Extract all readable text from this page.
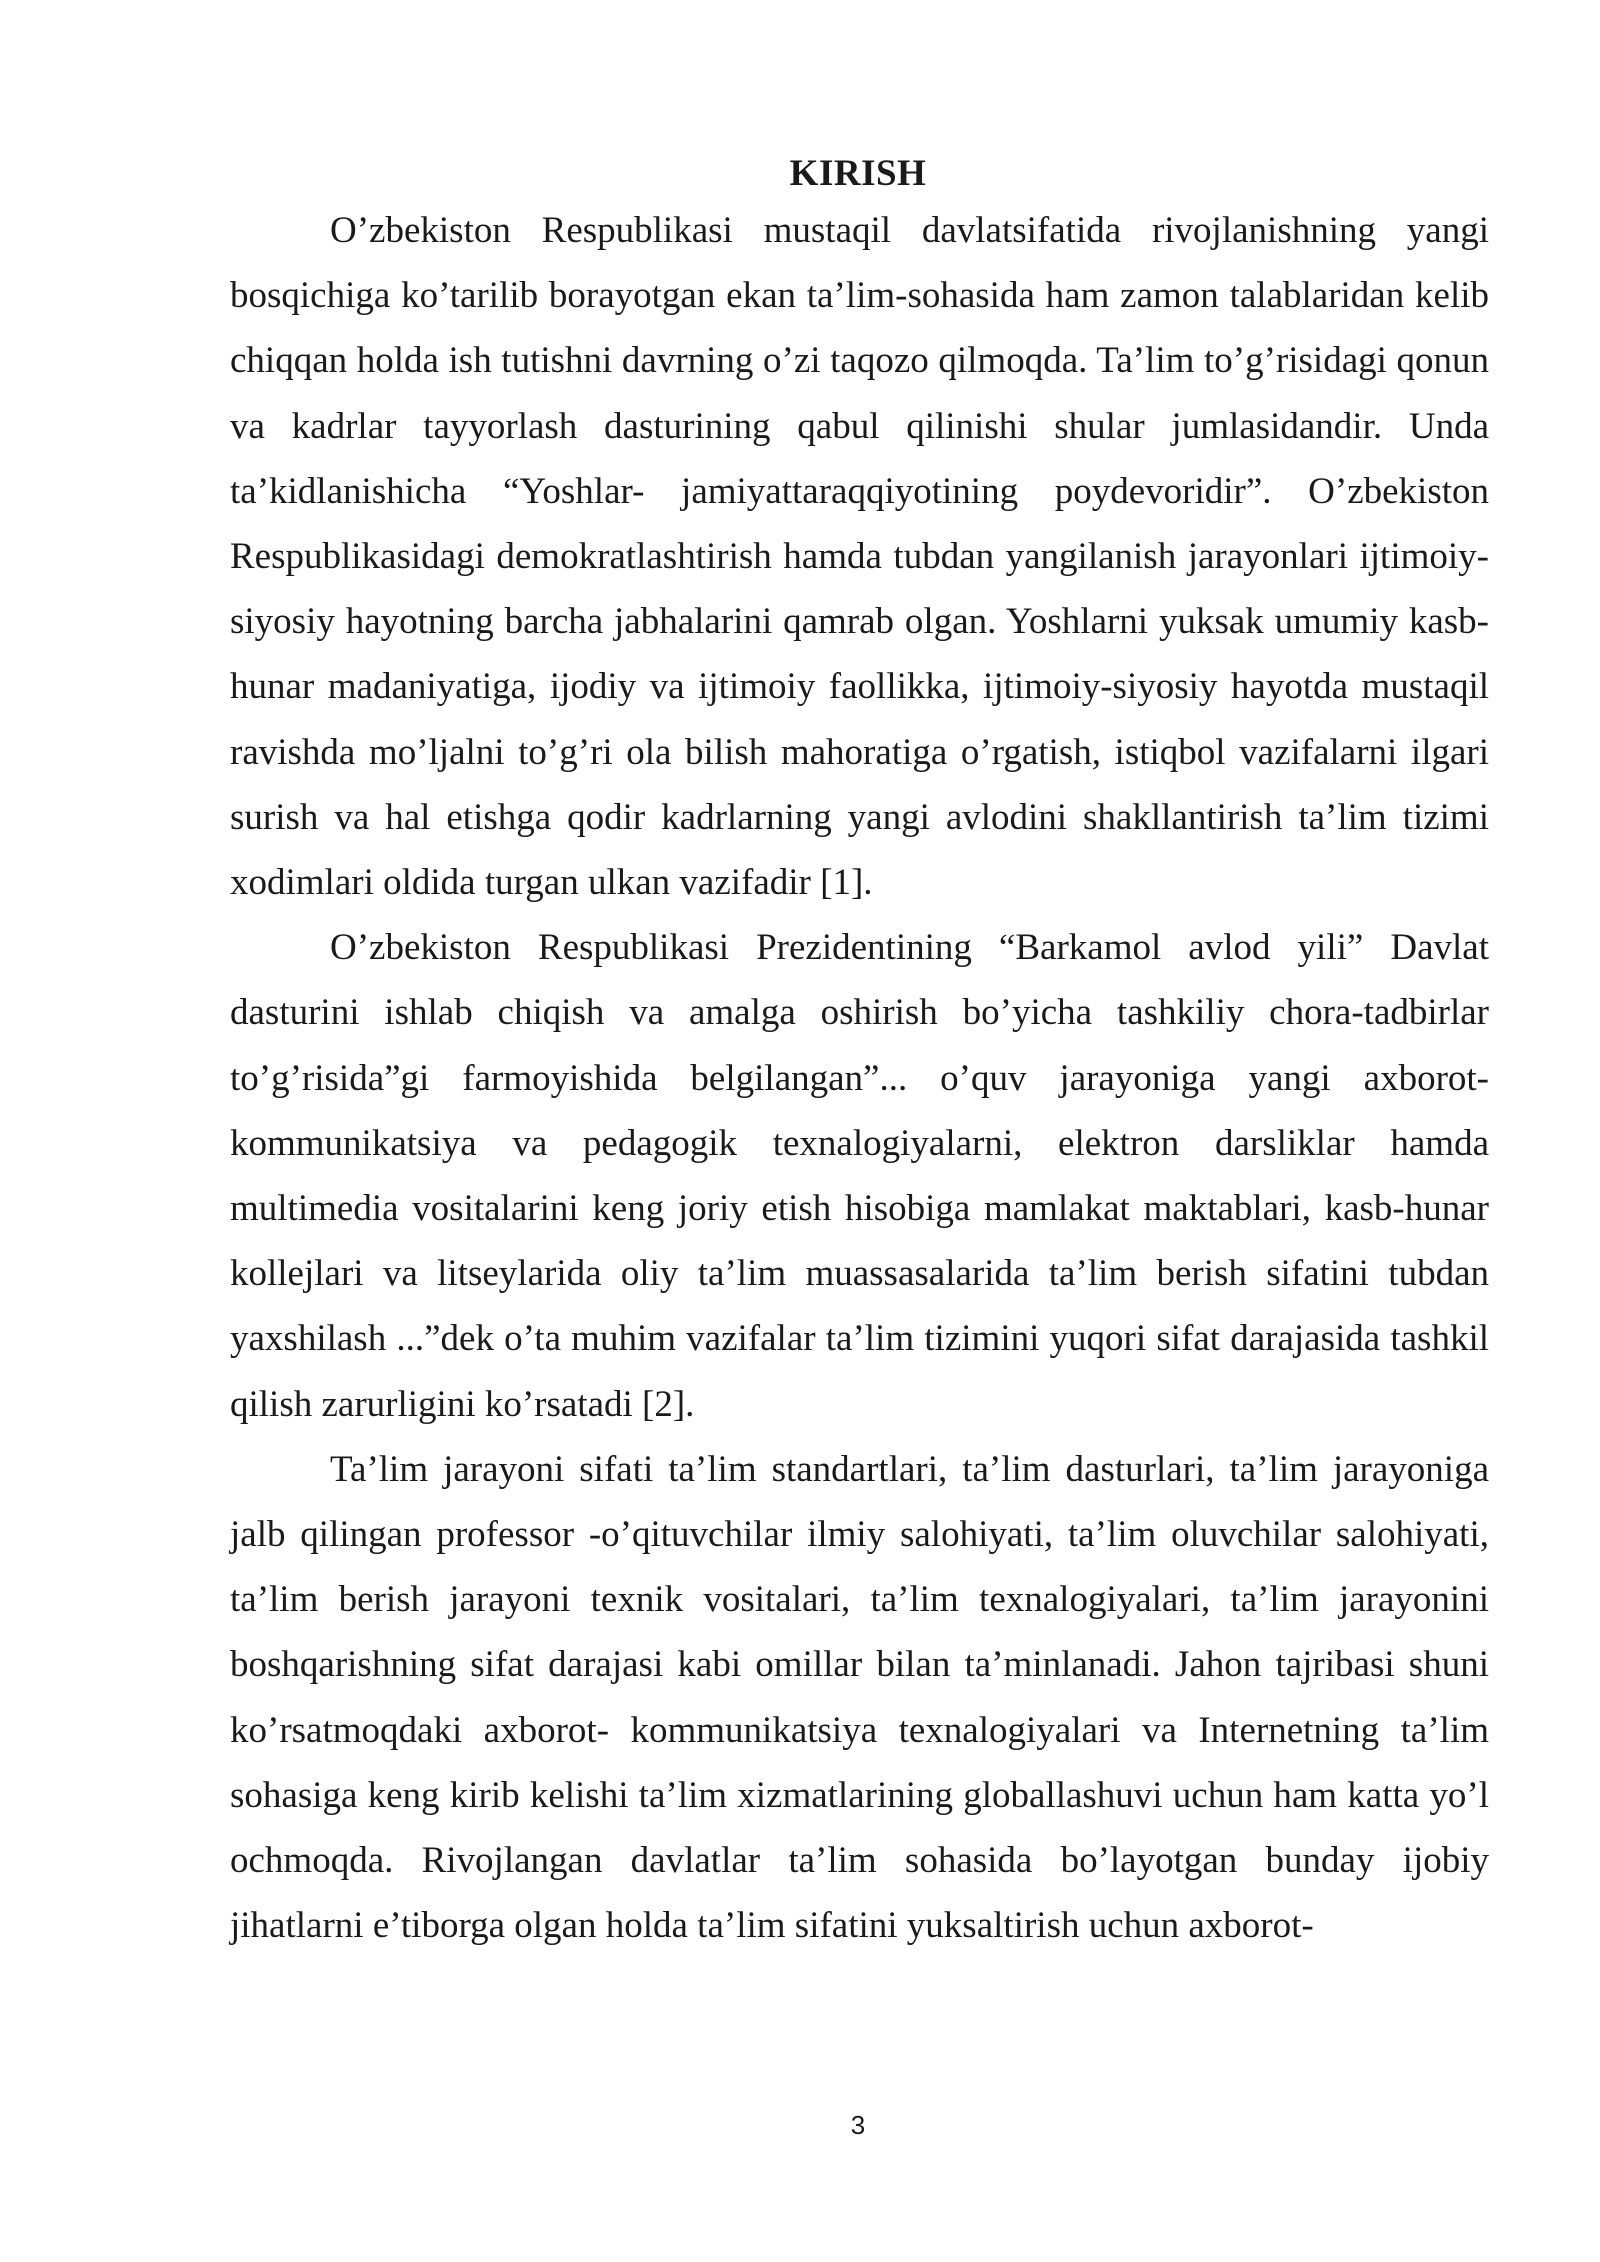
KIRISH

O’zbekiston Respublikasi mustaqil davlatsifatida rivojlanishning yangi bosqichiga ko’tarilib borayotgan ekan ta’lim-sohasida ham zamon talablaridan kelib chiqqan holda ish tutishni davrning o’zi taqozo qilmoqda. Ta’lim to’g’risidagi qonun va kadrlar tayyorlash dasturining qabul qilinishi shular jumlasidandir. Unda ta’kidlanishicha “Yoshlar- jamiyattaraqqiyotining poydevoridir”. O’zbekiston Respublikasidagi demokratlashtirish hamda tubdan yangilanish jarayonlari ijtimoiy-siyosiy hayotning barcha jabhalarini qamrab olgan. Yoshlarni yuksak umumiy kasb-hunar madaniyatiga, ijodiy va ijtimoiy faollikka, ijtimoiy-siyosiy hayotda mustaqil ravishda mo’ljalni to’g’ri ola bilish mahoratiga o’rgatish, istiqbol vazifalarni ilgari surish va hal etishga qodir kadrlarning yangi avlodini shakllantirish ta’lim tizimi xodimlari oldida turgan ulkan vazifadir [1].

O’zbekiston Respublikasi Prezidentining “Barkamol avlod yili” Davlat dasturini ishlab chiqish va amalga oshirish bo’yicha tashkiliy chora-tadbirlar to’g’risida”gi farmoyishida belgilangan”... o’quv jarayoniga yangi axborot-kommunikatsiya va pedagogik texnalogiyalarni, elektron darsliklar hamda multimedia vositalarini keng joriy etish hisobiga mamlakat maktablari, kasb-hunar kollejlari va litseylarida oliy ta’lim muassasalarida ta’lim berish sifatini tubdan yaxshilash ...”dek o’ta muhim vazifalar ta’lim tizimini yuqori sifat darajasida tashkil qilish zarurligini ko’rsatadi [2].

Ta’lim jarayoni sifati ta’lim standartlari, ta’lim dasturlari, ta’lim jarayoniga jalb qilingan professor -o’qituvchilar ilmiy salohiyati, ta’lim oluvchilar salohiyati, ta’lim berish jarayoni texnik vositalari, ta’lim texnalogiyalari, ta’lim jarayonini boshqarishning sifat darajasi kabi omillar bilan ta’minlanadi. Jahon tajribasi shuni ko’rsatmoqdaki axborot- kommunikatsiya texnalogiyalari va Internetning ta’lim sohasiga keng kirib kelishi ta’lim xizmatlarining globallashuvi uchun ham katta yo’l ochmoqda. Rivojlangan davlatlar ta’lim sohasida bo’layotgan bunday ijobiy jihatlarni e’tiborga olgan holda ta’lim sifatini yuksaltirish uchun axborot-

3
